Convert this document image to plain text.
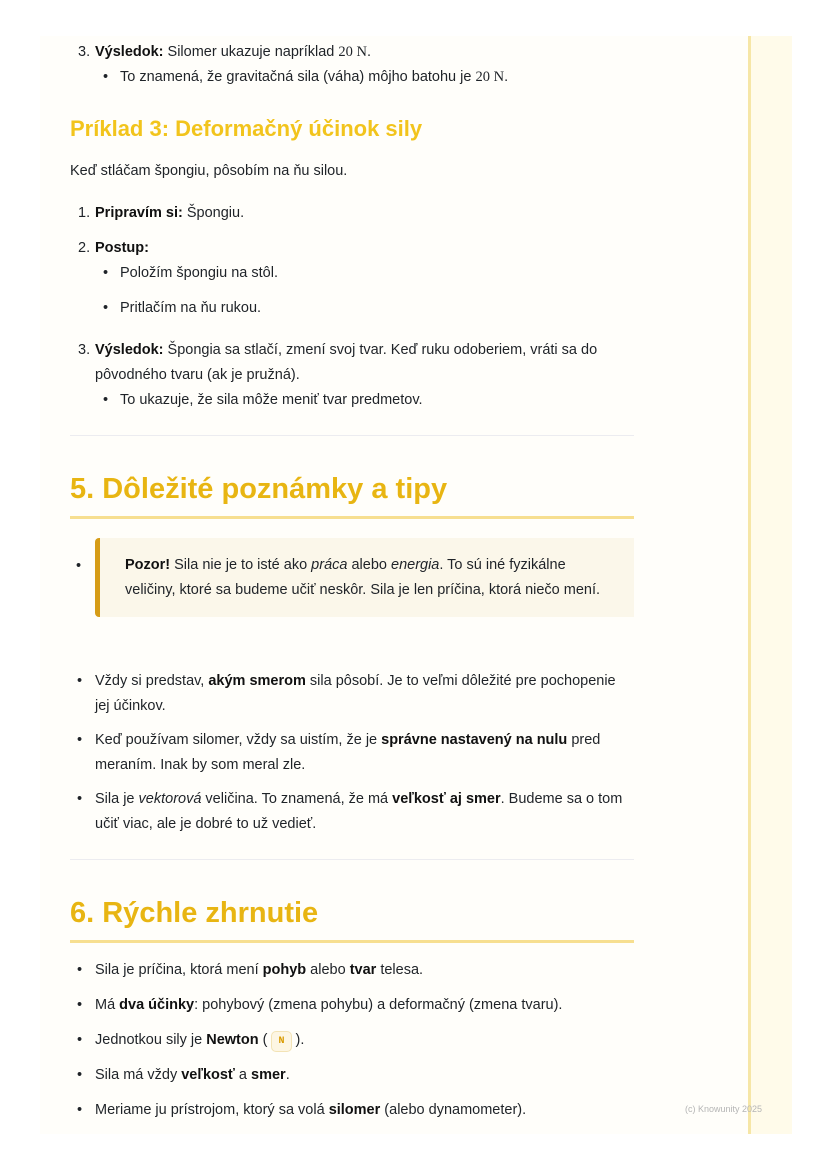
(c) Knowunity 2025
3. Výsledok: Silomer ukazuje napríklad 20 N.
• To znamená, že gravitačná sila (váha) môjho batohu je 20 N.
Príklad 3: Deformačný účinok sily
Keď stláčam špongiu, pôsobím na ňu silou.
1. Pripravím si: Špongiu.
2. Postup:
• Položím špongiu na stôl.
• Pritlačím na ňu rukou.
3. Výsledok: Špongia sa stlačí, zmení svoj tvar. Keď ruku odoberiem, vráti sa do pôvodného tvaru (ak je pružná).
• To ukazuje, že sila môže meniť tvar predmetov.
5. Dôležité poznámky a tipy
• Pozor! Sila nie je to isté ako práca alebo energia. To sú iné fyzikálne veličiny, ktoré sa budeme učiť neskôr. Sila je len príčina, ktorá niečo mení.
• Vždy si predstav, akým smerom sila pôsobí. Je to veľmi dôležité pre pochopenie jej účinkov.
• Keď používam silomer, vždy sa uistím, že je správne nastavený na nulu pred meraním. Inak by som meral zle.
• Sila je vektorová veličina. To znamená, že má veľkosť aj smer. Budeme sa o tom učiť viac, ale je dobré to už vedieť.
6. Rýchle zhrnutie
• Sila je príčina, ktorá mení pohyb alebo tvar telesa.
• Má dva účinky: pohybový (zmena pohybu) a deformačný (zmena tvaru).
• Jednotkou sily je Newton ( N ).
• Sila má vždy veľkosť a smer.
• Meriame ju prístrojom, ktorý sa volá silomer (alebo dynamometer).
